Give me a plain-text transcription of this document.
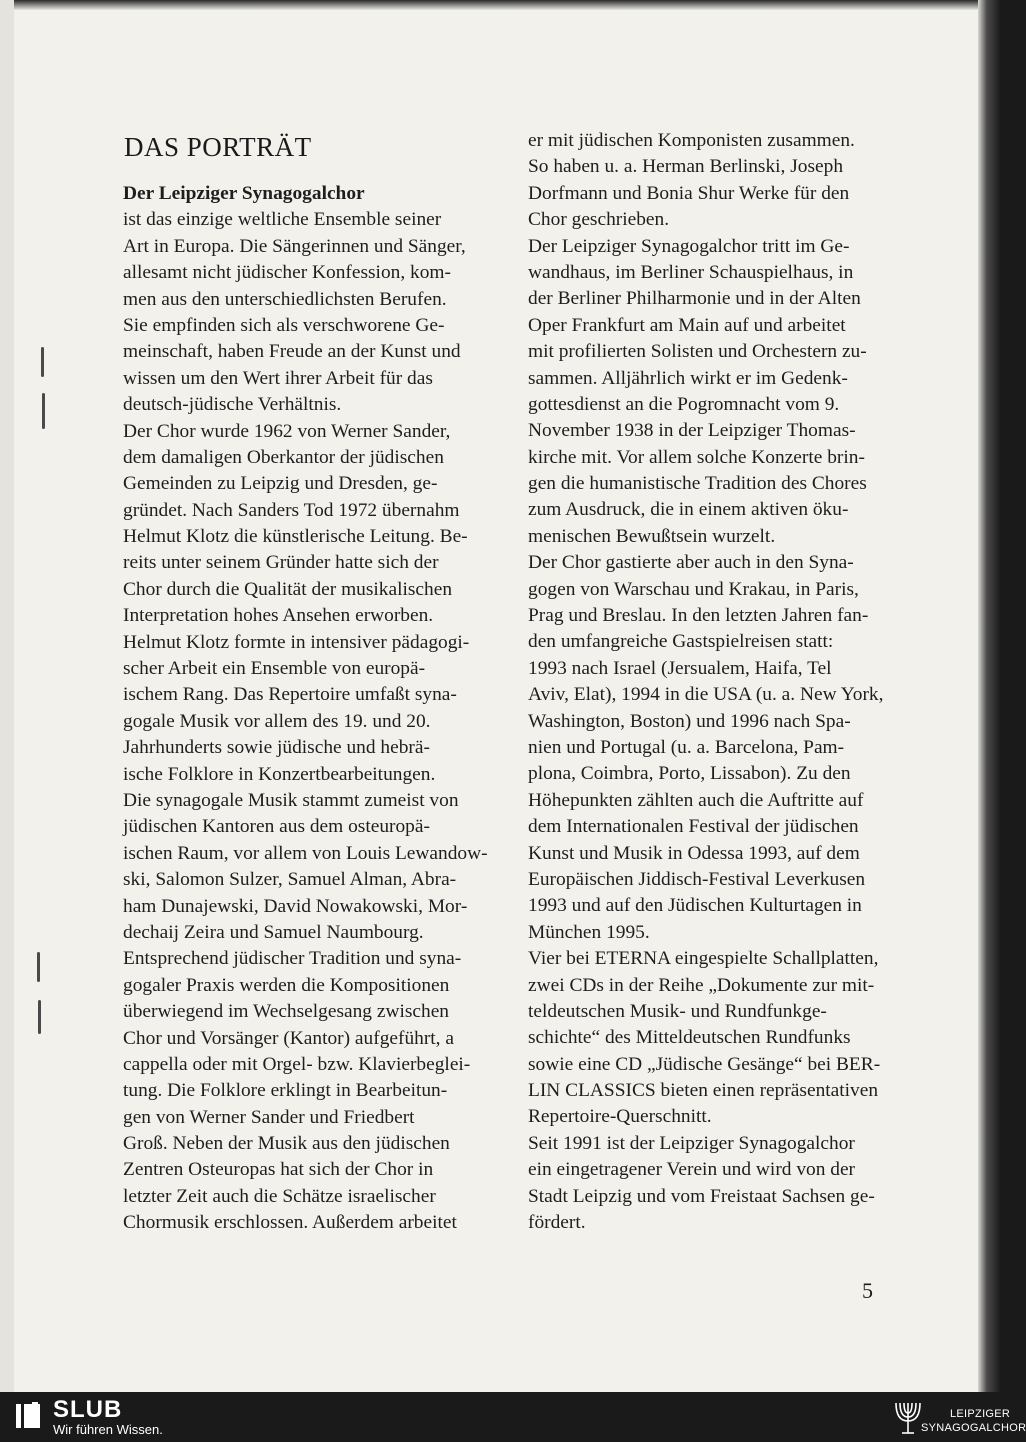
DAS PORTRÄT
Der Leipziger Synagogalchor
ist das einzige weltliche Ensemble seiner
Art in Europa. Die Sängerinnen und Sänger,
allesamt nicht jüdischer Konfession, kom-
men aus den unterschiedlichsten Berufen.
Sie empfinden sich als verschworene Ge-
meinschaft, haben Freude an der Kunst und
wissen um den Wert ihrer Arbeit für das
deutsch-jüdische Verhältnis.
Der Chor wurde 1962 von Werner Sander,
dem damaligen Oberkantor der jüdischen
Gemeinden zu Leipzig und Dresden, ge-
gründet. Nach Sanders Tod 1972 übernahm
Helmut Klotz die künstlerische Leitung. Be-
reits unter seinem Gründer hatte sich der
Chor durch die Qualität der musikalischen
Interpretation hohes Ansehen erworben.
Helmut Klotz formte in intensiver pädagogi-
scher Arbeit ein Ensemble von europä-
ischem Rang. Das Repertoire umfaßt syna-
gogale Musik vor allem des 19. und 20.
Jahrhunderts sowie jüdische und hebrä-
ische Folklore in Konzertbearbeitungen.
Die synagogale Musik stammt zumeist von
jüdischen Kantoren aus dem osteuropä-
ischen Raum, vor allem von Louis Lewandow-
ski, Salomon Sulzer, Samuel Alman, Abra-
ham Dunajewski, David Nowakowski, Mor-
dechaij Zeira und Samuel Naumbourg.
Entsprechend jüdischer Tradition und syna-
gogaler Praxis werden die Kompositionen
überwiegend im Wechselgesang zwischen
Chor und Vorsänger (Kantor) aufgeführt, a
cappella oder mit Orgel- bzw. Klavierbeglei-
tung. Die Folklore erklingt in Bearbeitun-
gen von Werner Sander und Friedbert
Groß. Neben der Musik aus den jüdischen
Zentren Osteuropas hat sich der Chor in
letzter Zeit auch die Schätze israelischer
Chormusik erschlossen. Außerdem arbeitet
er mit jüdischen Komponisten zusammen.
So haben u. a. Herman Berlinski, Joseph
Dorfmann und Bonia Shur Werke für den
Chor geschrieben.
Der Leipziger Synagogalchor tritt im Ge-
wandhaus, im Berliner Schauspielhaus, in
der Berliner Philharmonie und in der Alten
Oper Frankfurt am Main auf und arbeitet
mit profilierten Solisten und Orchestern zu-
sammen. Alljährlich wirkt er im Gedenk-
gottesdienst an die Pogromnacht vom 9.
November 1938 in der Leipziger Thomas-
kirche mit. Vor allem solche Konzerte brin-
gen die humanistische Tradition des Chores
zum Ausdruck, die in einem aktiven öku-
menischen Bewußtsein wurzelt.
Der Chor gastierte aber auch in den Syna-
gogen von Warschau und Krakau, in Paris,
Prag und Breslau. In den letzten Jahren fan-
den umfangreiche Gastspielreisen statt:
1993 nach Israel (Jersualem, Haifa, Tel
Aviv, Elat), 1994 in die USA (u. a. New York,
Washington, Boston) und 1996 nach Spa-
nien und Portugal (u. a. Barcelona, Pam-
plona, Coimbra, Porto, Lissabon). Zu den
Höhepunkten zählten auch die Auftritte auf
dem Internationalen Festival der jüdischen
Kunst und Musik in Odessa 1993, auf dem
Europäischen Jiddisch-Festival Leverkusen
1993 und auf den Jüdischen Kulturtagen in
München 1995.
Vier bei ETERNA eingespielte Schallplatten,
zwei CDs in der Reihe „Dokumente zur mit-
teldeutschen Musik- und Rundfunkge-
schichte“ des Mitteldeutschen Rundfunks
sowie eine CD „Jüdische Gesänge“ bei BER-
LIN CLASSICS bieten einen repräsentativen
Repertoire-Querschnitt.
Seit 1991 ist der Leipziger Synagogalchor
ein eingetragener Verein und wird von der
Stadt Leipzig und vom Freistaat Sachsen ge-
fördert.
5
SLUB
Wir führen Wissen.
LEIPZIGER
SYNAGOGALCHOR
